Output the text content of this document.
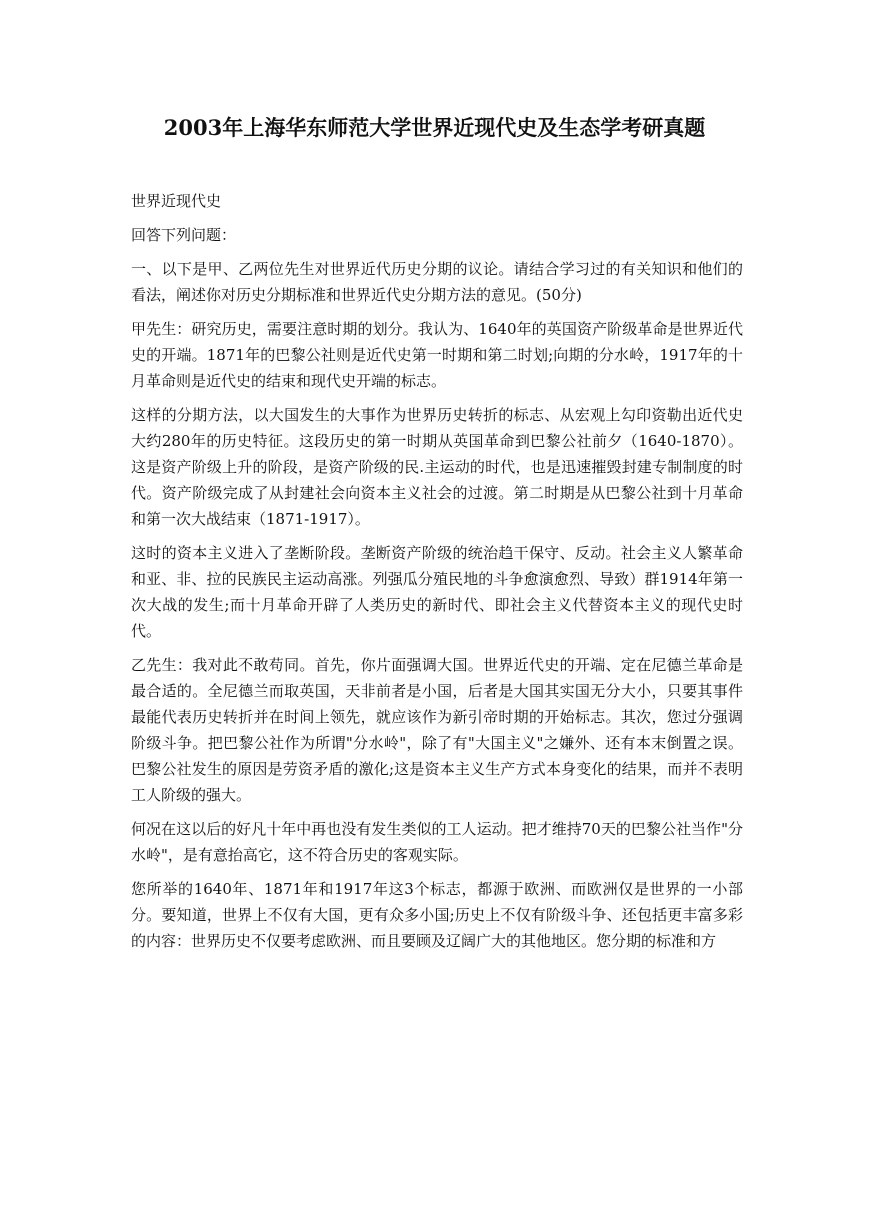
2003年上海华东师范大学世界近现代史及生态学考研真题

世界近现代史

回答下列问题：

一、以下是甲、乙两位先生对世界近代历史分期的议论。请结合学习过的有关知识和他们的看法，阐述你对历史分期标准和世界近代史分期方法的意见。(50分)

甲先生：研究历史，需要注意时期的划分。我认为、1640年的英国资产阶级革命是世界近代史的开端。1871年的巴黎公社则是近代史第一时期和第二时划;向期的分水岭，1917年的十月革命则是近代史的结束和现代史开端的标志。

这样的分期方法，以大国发生的大事作为世界历史转折的标志、从宏观上勾印资勒出近代史大约280年的历史特征。这段历史的第一时期从英国革命到巴黎公社前夕（1640-1870）。这是资产阶级上升的阶段，是资产阶级的民.主运动的时代，也是迅速摧毁封建专制制度的时代。资产阶级完成了从封建社会向资本主义社会的过渡。第二时期是从巴黎公社到十月革命和第一次大战结束（1871-1917）。

这时的资本主义进入了垄断阶段。垄断资产阶级的统治趋干保守、反动。社会主义人繁革命和亚、非、拉的民族民主运动高涨。列强瓜分殖民地的斗争愈演愈烈、导致）群1914年第一次大战的发生;而十月革命开辟了人类历史的新时代、即社会主义代替资本主义的现代史时代。

乙先生：我对此不敢苟同。首先，你片面强调大国。世界近代史的开端、定在尼德兰革命是最合适的。全尼德兰而取英国，天非前者是小国，后者是大国其实国无分大小，只要其事件最能代表历史转折并在时间上领先，就应该作为新引帝时期的开始标志。其次，您过分强调阶级斗争。把巴黎公社作为所谓"分水岭"，除了有"大国主义"之嫌外、还有本末倒置之误。巴黎公社发生的原因是劳资矛盾的激化;这是资本主义生产方式本身变化的结果，而并不表明工人阶级的强大。

何况在这以后的好凡十年中再也没有发生类似的工人运动。把才维持70天的巴黎公社当作"分水岭"，是有意抬高它，这不符合历史的客观实际。

您所举的1640年、1871年和1917年这3个标志，都源于欧洲、而欧洲仅是世界的一小部分。要知道，世界上不仅有大国，更有众多小国;历史上不仅有阶级斗争、还包括更丰富多彩的内容：世界历史不仅要考虑欧洲、而且要顾及辽阔广大的其他地区。您分期的标准和方
